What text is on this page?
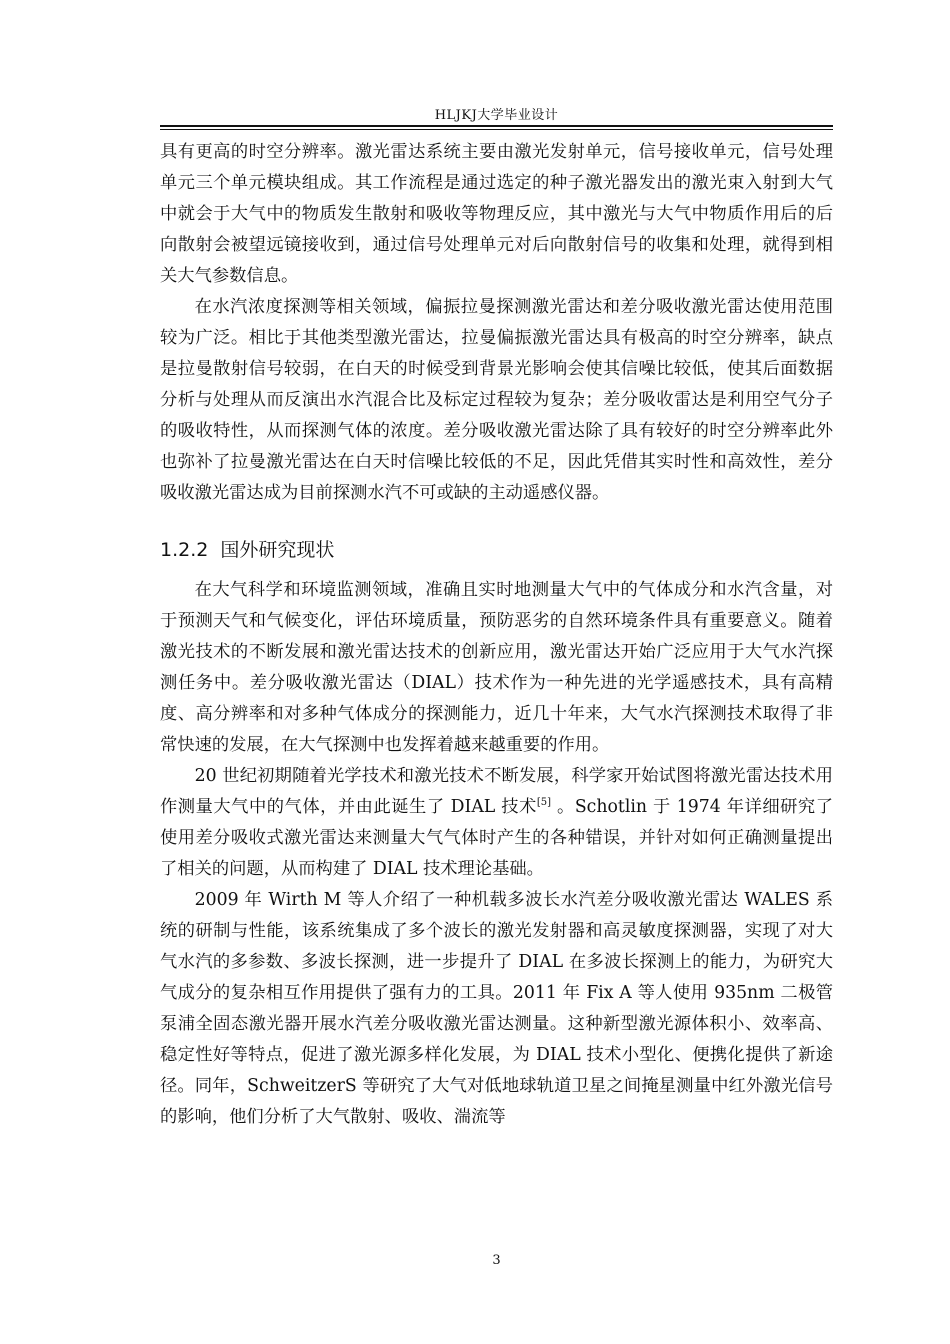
HLJKJ大学毕业设计

具有更高的时空分辨率。激光雷达系统主要由激光发射单元，信号接收单元，信号处理单元三个单元模块组成。其工作流程是通过选定的种子激光器发出的激光束入射到大气中就会于大气中的物质发生散射和吸收等物理反应，其中激光与大气中物质作用后的后向散射会被望远镜接收到，通过信号处理单元对后向散射信号的收集和处理，就得到相关大气参数信息。

在水汽浓度探测等相关领域，偏振拉曼探测激光雷达和差分吸收激光雷达使用范围较为广泛。相比于其他类型激光雷达，拉曼偏振激光雷达具有极高的时空分辨率，缺点是拉曼散射信号较弱，在白天的时候受到背景光影响会使其信噪比较低，使其后面数据分析与处理从而反演出水汽混合比及标定过程较为复杂；差分吸收雷达是利用空气分子的吸收特性，从而探测气体的浓度。差分吸收激光雷达除了具有较好的时空分辨率此外也弥补了拉曼激光雷达在白天时信噪比较低的不足，因此凭借其实时性和高效性，差分吸收激光雷达成为目前探测水汽不可或缺的主动遥感仪器。

1.2.2 国外研究现状

在大气科学和环境监测领域，准确且实时地测量大气中的气体成分和水汽含量，对于预测天气和气候变化，评估环境质量，预防恶劣的自然环境条件具有重要意义。随着激光技术的不断发展和激光雷达技术的创新应用，激光雷达开始广泛应用于大气水汽探测任务中。差分吸收激光雷达（DIAL）技术作为一种先进的光学遥感技术，具有高精度、高分辨率和对多种气体成分的探测能力，近几十年来，大气水汽探测技术取得了非常快速的发展，在大气探测中也发挥着越来越重要的作用。

20 世纪初期随着光学技术和激光技术不断发展，科学家开始试图将激光雷达技术用作测量大气中的气体，并由此诞生了 DIAL 技术[5] 。Schotlin 于 1974 年详细研究了使用差分吸收式激光雷达来测量大气气体时产生的各种错误，并针对如何正确测量提出了相关的问题，从而构建了 DIAL 技术理论基础。

2009 年 Wirth M 等人介绍了一种机载多波长水汽差分吸收激光雷达 WALES 系统的研制与性能，该系统集成了多个波长的激光发射器和高灵敏度探测器，实现了对大气水汽的多参数、多波长探测，进一步提升了 DIAL 在多波长探测上的能力，为研究大气成分的复杂相互作用提供了强有力的工具。2011 年 Fix A 等人使用 935nm 二极管泵浦全固态激光器开展水汽差分吸收激光雷达测量。这种新型激光源体积小、效率高、稳定性好等特点，促进了激光源多样化发展，为 DIAL 技术小型化、便携化提供了新途径。同年，SchweitzerS 等研究了大气对低地球轨道卫星之间掩星测量中红外激光信号的影响，他们分析了大气散射、吸收、湍流等

3
